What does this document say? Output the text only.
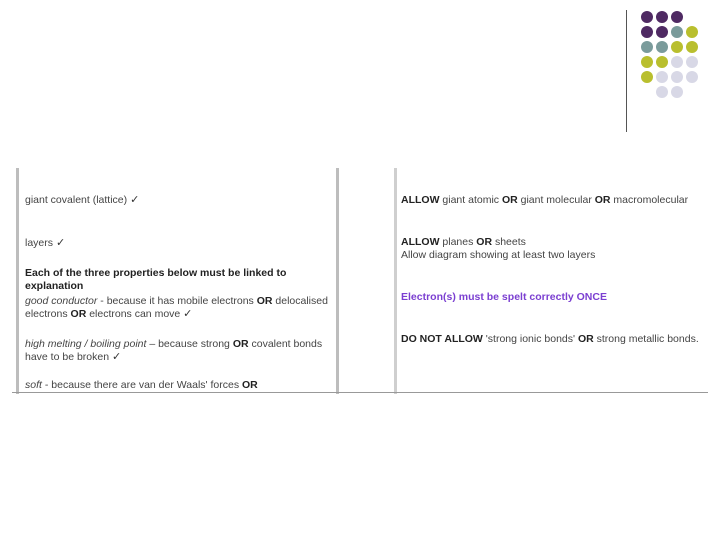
giant covalent (lattice) ✓
layers ✓
Each of the three properties below must be linked to explanation
good conductor - because it has mobile electrons OR delocalised electrons OR electrons can move ✓
high melting / boiling point – because strong OR covalent bonds have to be broken ✓
soft - because there are van der Waals' forces OR
ALLOW giant atomic OR giant molecular OR macromolecular
ALLOW planes OR sheets
Allow diagram showing at least two layers
Electron(s) must be spelt correctly ONCE
DO NOT ALLOW 'strong ionic bonds' OR strong metallic bonds.
